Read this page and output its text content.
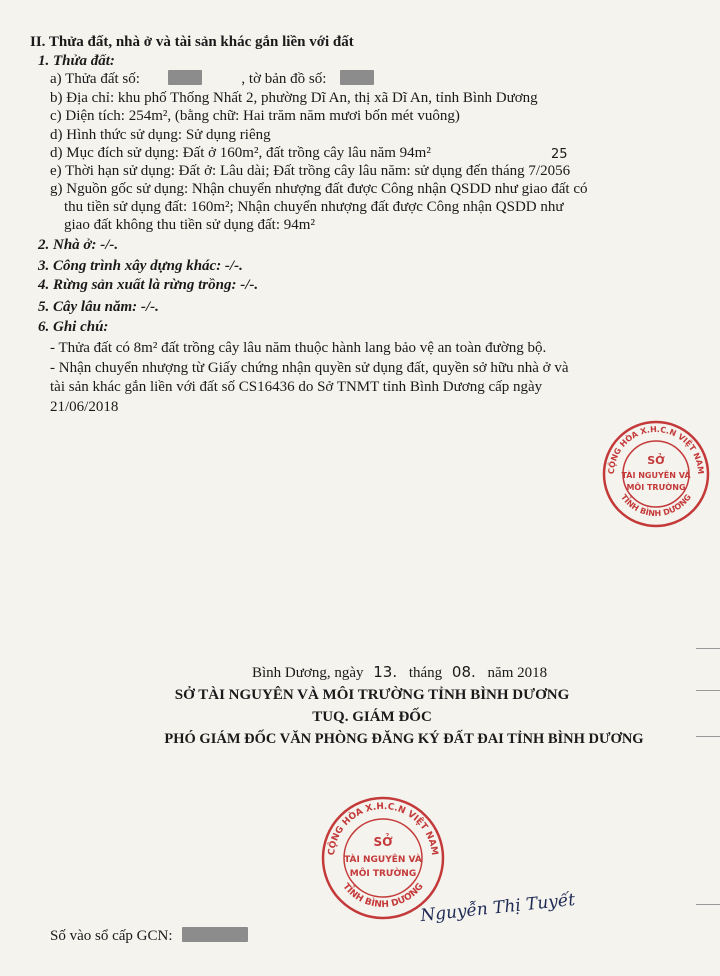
II. Thửa đất, nhà ở và tài sản khác gắn liền với đất
1. Thửa đất:
a) Thửa đất số:	, tờ bản đồ số:
b) Địa chỉ: khu phố Thống Nhất 2, phường Dĩ An, thị xã Dĩ An, tỉnh Bình Dương
c) Diện tích: 254m², (bằng chữ: Hai trăm năm mươi bốn mét vuông)
d) Hình thức sử dụng: Sử dụng riêng
d) Mục đích sử dụng: Đất ở 160m², đất trồng cây lâu năm 94m²	25
e) Thời hạn sử dụng: Đất ở: Lâu dài; Đất trồng cây lâu năm: sử dụng đến tháng 7/2056
g) Nguồn gốc sử dụng: Nhận chuyển nhượng đất được Công nhận QSDD như giao đất có
thu tiền sử dụng đất: 160m²; Nhận chuyển nhượng đất được Công nhận QSDD như
giao đất không thu tiền sử dụng đất: 94m²
2. Nhà ở: -/-.
3. Công trình xây dựng khác: -/-.
4. Rừng sản xuất là rừng trồng: -/-.
5. Cây lâu năm: -/-.
6. Ghi chú:
- Thửa đất có 8m² đất trồng cây lâu năm thuộc hành lang bảo vệ an toàn đường bộ.
- Nhận chuyển nhượng từ Giấy chứng nhận quyền sử dụng đất, quyền sở hữu nhà ở và
tài sản khác gắn liền với đất số CS16436 do Sở TNMT tỉnh Bình Dương cấp ngày
21/06/2018
CỘNG HÒA X.H.C.N VIỆT NAM
TỈNH BÌNH DƯƠNG
SỞ
TÀI NGUYÊN VÀ
MÔI TRƯỜNG
Bình Dương, ngày 13. tháng 08. năm 2018
SỞ TÀI NGUYÊN VÀ MÔI TRƯỜNG TỈNH BÌNH DƯƠNG
TUQ. GIÁM ĐỐC
PHÓ GIÁM ĐỐC VĂN PHÒNG ĐĂNG KÝ ĐẤT ĐAI TỈNH BÌNH DƯƠNG
CỘNG HÒA X.H.C.N VIỆT NAM
TỈNH BÌNH DƯƠNG
SỞ
TÀI NGUYÊN VÀ
MÔI TRƯỜNG
Nguyễn Thị Tuyết
Số vào sổ cấp GCN:
